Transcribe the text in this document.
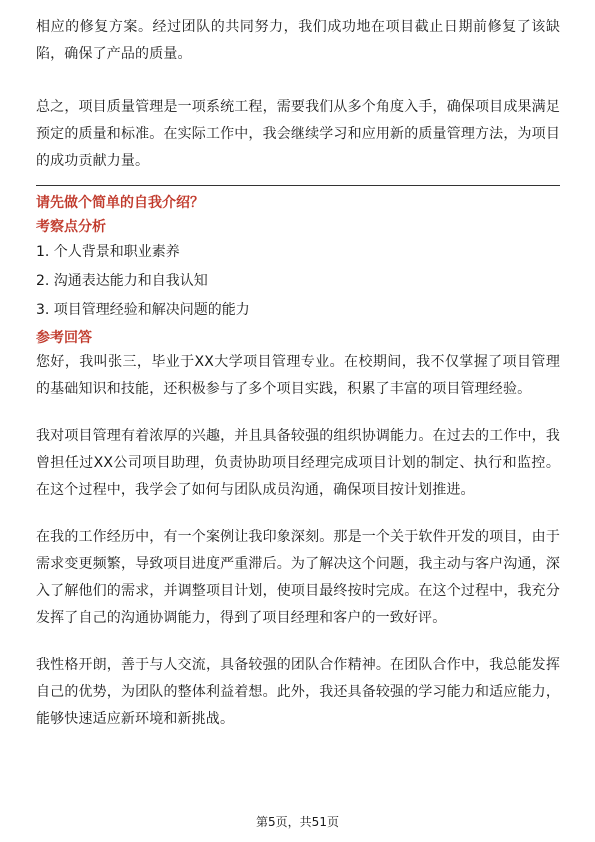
相应的修复方案。经过团队的共同努力，我们成功地在项目截止日期前修复了该缺陷，确保了产品的质量。

总之，项目质量管理是一项系统工程，需要我们从多个角度入手，确保项目成果满足预定的质量和标准。在实际工作中，我会继续学习和应用新的质量管理方法，为项目的成功贡献力量。

请先做个简单的自我介绍？

考察点分析

1. 个人背景和职业素养

2. 沟通表达能力和自我认知

3. 项目管理经验和解决问题的能力

参考回答

您好，我叫张三，毕业于XX大学项目管理专业。在校期间，我不仅掌握了项目管理的基础知识和技能，还积极参与了多个项目实践，积累了丰富的项目管理经验。

我对项目管理有着浓厚的兴趣，并且具备较强的组织协调能力。在过去的工作中，我曾担任过XX公司项目助理，负责协助项目经理完成项目计划的制定、执行和监控。在这个过程中，我学会了如何与团队成员沟通，确保项目按计划推进。

在我的工作经历中，有一个案例让我印象深刻。那是一个关于软件开发的项目，由于需求变更频繁，导致项目进度严重滞后。为了解决这个问题，我主动与客户沟通，深入了解他们的需求，并调整项目计划，使项目最终按时完成。在这个过程中，我充分发挥了自己的沟通协调能力，得到了项目经理和客户的一致好评。

我性格开朗，善于与人交流，具备较强的团队合作精神。在团队合作中，我总能发挥自己的优势，为团队的整体利益着想。此外，我还具备较强的学习能力和适应能力，能够快速适应新环境和新挑战。

第5页，共51页
